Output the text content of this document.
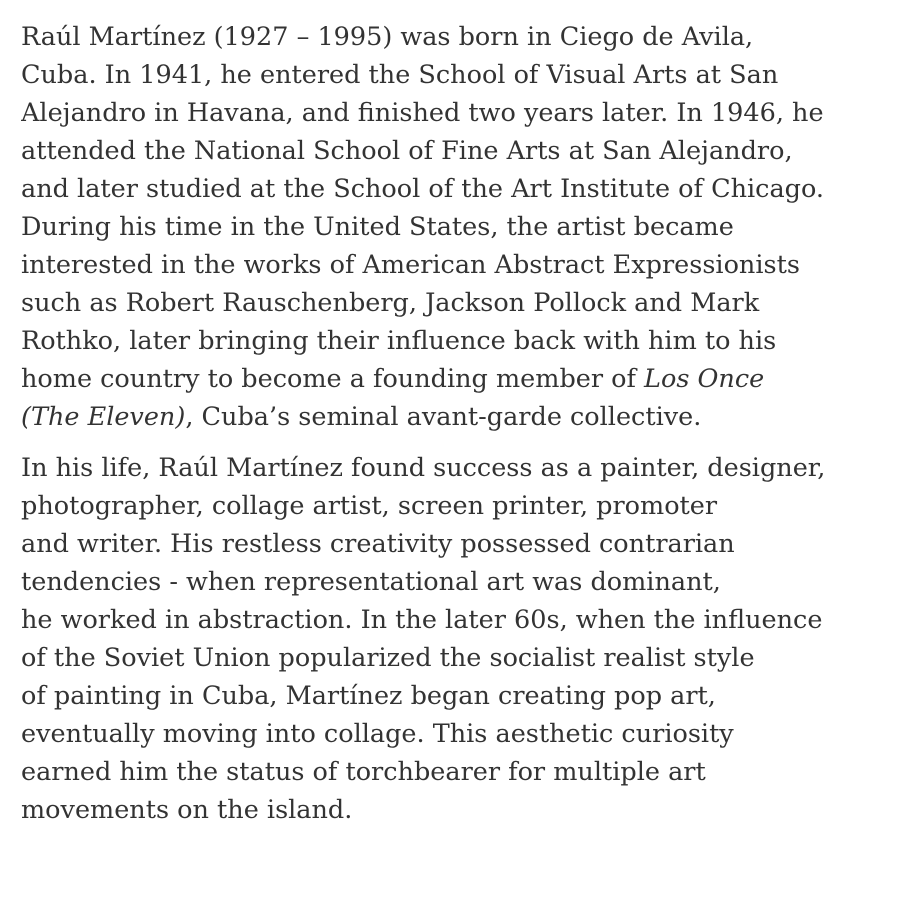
Raúl Martínez (1927 – 1995) was born in Ciego de Avila,
Cuba. In 1941, he entered the School of Visual Arts at San
Alejandro in Havana, and finished two years later. In 1946, he
attended the National School of Fine Arts at San Alejandro,
and later studied at the School of the Art Institute of Chicago.
During his time in the United States, the artist became
interested in the works of American Abstract Expressionists
such as Robert Rauschenberg, Jackson Pollock and Mark
Rothko, later bringing their influence back with him to his
home country to become a founding member of Los Once
(The Eleven), Cuba’s seminal avant-garde collective.

In his life, Raúl Martínez found success as a painter, designer,
photographer, collage artist, screen printer, promoter
and writer. His restless creativity possessed contrarian
tendencies - when representational art was dominant,
he worked in abstraction. In the later 60s, when the influence
of the Soviet Union popularized the socialist realist style
of painting in Cuba, Martínez began creating pop art,
eventually moving into collage. This aesthetic curiosity
earned him the status of torchbearer for multiple art
movements on the island.
